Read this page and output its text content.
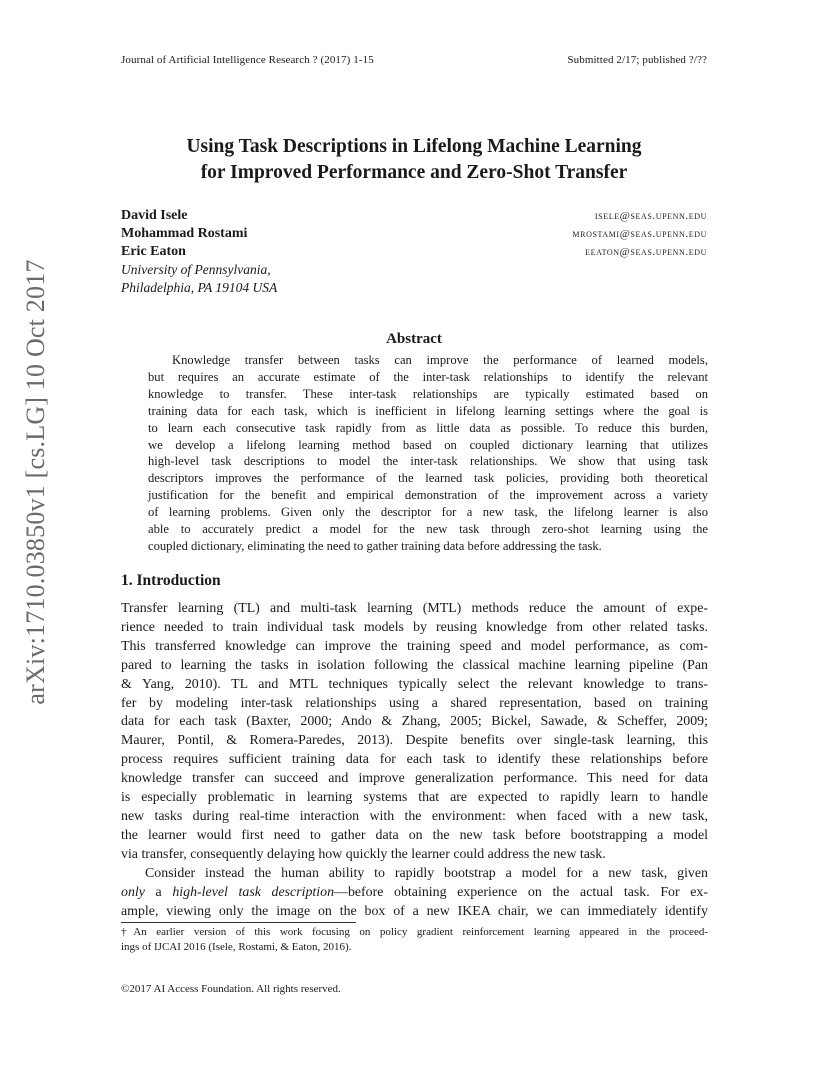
Journal of Artificial Intelligence Research ? (2017) 1-15	Submitted 2/17; published ?/??
arXiv:1710.03850v1 [cs.LG] 10 Oct 2017
Using Task Descriptions in Lifelong Machine Learning
for Improved Performance and Zero-Shot Transfer
David Isele	isele@seas.upenn.edu
Mohammad Rostami	mrostami@seas.upenn.edu
Eric Eaton	eeaton@seas.upenn.edu
University of Pennsylvania,
Philadelphia, PA 19104 USA
Abstract
Knowledge transfer between tasks can improve the performance of learned models,
but requires an accurate estimate of the inter-task relationships to identify the relevant
knowledge to transfer. These inter-task relationships are typically estimated based on
training data for each task, which is inefficient in lifelong learning settings where the goal is
to learn each consecutive task rapidly from as little data as possible. To reduce this burden,
we develop a lifelong learning method based on coupled dictionary learning that utilizes
high-level task descriptions to model the inter-task relationships. We show that using task
descriptors improves the performance of the learned task policies, providing both theoretical
justification for the benefit and empirical demonstration of the improvement across a variety
of learning problems. Given only the descriptor for a new task, the lifelong learner is also
able to accurately predict a model for the new task through zero-shot learning using the
coupled dictionary, eliminating the need to gather training data before addressing the task.
1. Introduction
Transfer learning (TL) and multi-task learning (MTL) methods reduce the amount of expe-
rience needed to train individual task models by reusing knowledge from other related tasks.
This transferred knowledge can improve the training speed and model performance, as com-
pared to learning the tasks in isolation following the classical machine learning pipeline (Pan
& Yang, 2010). TL and MTL techniques typically select the relevant knowledge to trans-
fer by modeling inter-task relationships using a shared representation, based on training
data for each task (Baxter, 2000; Ando & Zhang, 2005; Bickel, Sawade, & Scheffer, 2009;
Maurer, Pontil, & Romera-Paredes, 2013). Despite benefits over single-task learning, this
process requires sufficient training data for each task to identify these relationships before
knowledge transfer can succeed and improve generalization performance. This need for data
is especially problematic in learning systems that are expected to rapidly learn to handle
new tasks during real-time interaction with the environment: when faced with a new task,
the learner would first need to gather data on the new task before bootstrapping a model
via transfer, consequently delaying how quickly the learner could address the new task.
Consider instead the human ability to rapidly bootstrap a model for a new task, given
only a high-level task description—before obtaining experience on the actual task. For ex-
ample, viewing only the image on the box of a new IKEA chair, we can immediately identify
†An earlier version of this work focusing on policy gradient reinforcement learning appeared in the proceed-
ings of IJCAI 2016 (Isele, Rostami, & Eaton, 2016).
©2017 AI Access Foundation. All rights reserved.
